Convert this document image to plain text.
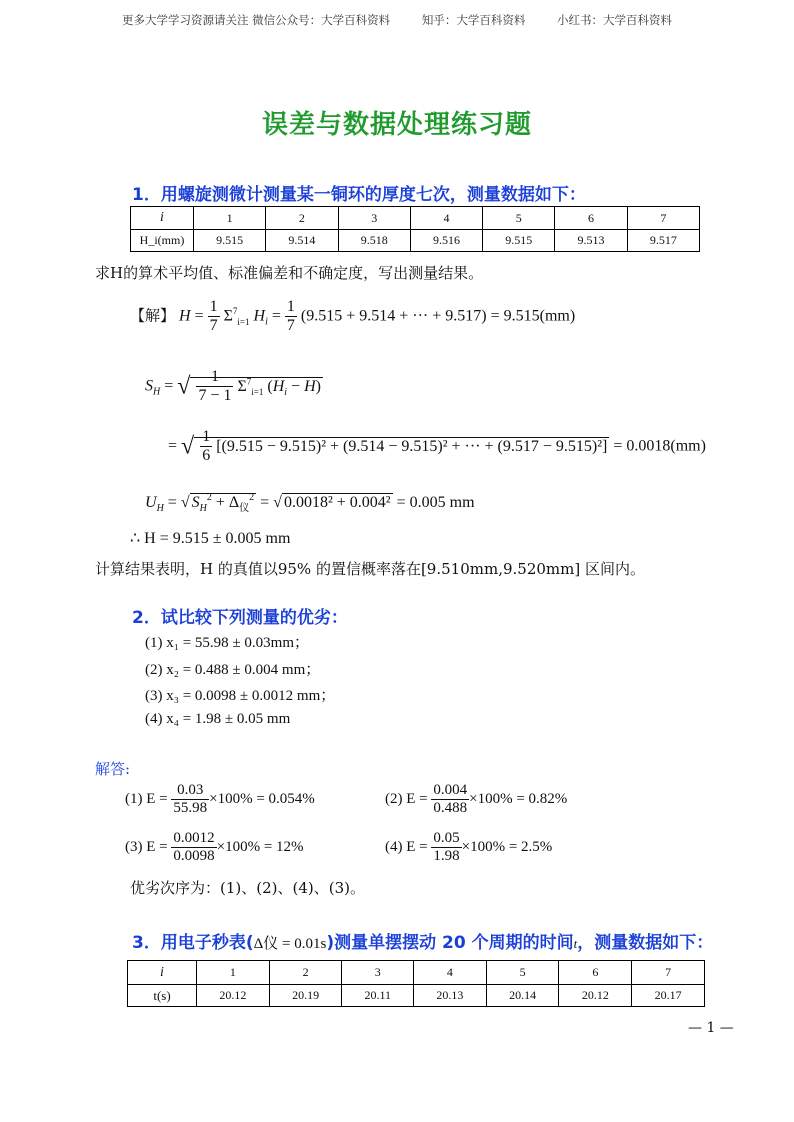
更多大学学习资源请关注 微信公众号：大学百科资料	知乎：大学百科资料	小红书：大学百科资料
误差与数据处理练习题
1．用螺旋测微计测量某一铜环的厚度七次，测量数据如下：
i	1	2	3	4	5	6	7
H_i(mm)	9.515	9.514	9.518	9.516	9.515	9.513	9.517
求H的算术平均值、标准偏差和不确定度，写出测量结果。
【解】 $H = \frac{1}{7} \Sigma^7_{i=1}$ $H_i = \frac{1}{7} (9.515 + 9.514$ + ··· + 9.517) = 9.515(mm)
$S_H$ = √ $\frac{1}{7 - 1} \Sigma^7_{i=1}$ $(H_i - \overline{H})$
= √ $\frac{1}{6} [(9.515 - 9.515)^2 + (9.514 - 9.515)^2$ + ··· + (9.517 − 9.515)²] = 0.0018(mm)
$U_H$ = √ $S_H^2 + \Delta_仪^2$ = √ 0.0018² + 0.004² = 0.005 mm
∴ H = 9.515 ± 0.005 mm
计算结果表明，H 的真值以95% 的置信概率落在[9.510mm,9.520mm] 区间内。
2．试比较下列测量的优劣：
(1) x₁ = 55.98 ± 0.03mm；
(2) x₂ = 0.488 ± 0.004 mm；
(3) x₃ = 0.0098 ± 0.0012 mm；
(4) x₄ = 1.98 ± 0.05 mm
解答:
(1) $E = \frac{0.03}{55.98} \times 100\% = 0.054\%$	(2) $E = \frac{0.004}{0.488} \times 100\% = 0.82\%$
(3) $E = \frac{0.0012}{0.0098} \times 100\% = 12\%$	(4) $E = \frac{0.05}{1.98} \times 100\% = 2.5\%$
优劣次序为：(1)、(2)、(4)、(3)。
3．用电子秒表(Δ仪 = 0.01s)测量单摆摆动 20 个周期的时间t，测量数据如下：
i	1	2	3	4	5	6	7
t(s)	20.12	20.19	20.11	20.13	20.14	20.12	20.17
— 1 —
